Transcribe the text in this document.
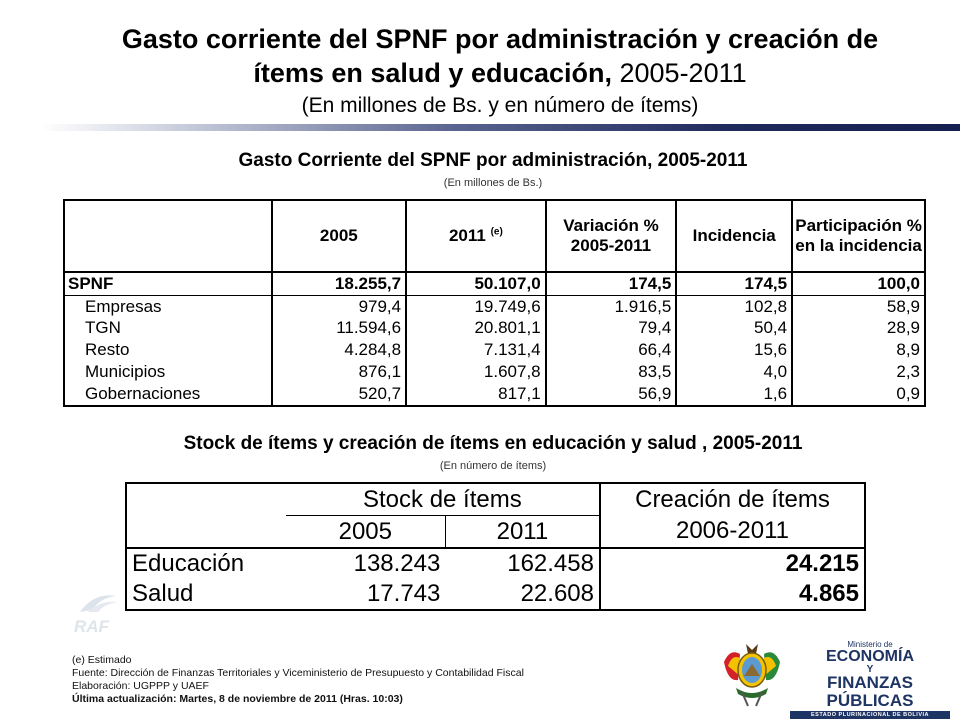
Gasto corriente del SPNF por administración y creación de
ítems en salud y educación, 2005-2011
(En millones de Bs. y en número de ítems)
Gasto Corriente del SPNF por administración, 2005-2011
(En millones de Bs.)
	2005	2011 $^{(e)}$	Variación % 2005-2011	Incidencia	Participación % en la incidencia
SPNF	18.255,7	50.107,0	174,5	174,5	100,0
Empresas	979,4	19.749,6	1.916,5	102,8	58,9
TGN	11.594,6	20.801,1	79,4	50,4	28,9
Resto	4.284,8	7.131,4	66,4	15,6	8,9
Municipios	876,1	1.607,8	83,5	4,0	2,3
Gobernaciones	520,7	817,1	56,9	1,6	0,9
Stock de ítems y creación de ítems en educación y salud , 2005-2011
(En número de ítems)
	Stock de ítems		Creación de ítems
	2005	2011	2006-2011
Educación	138.243	162.458	24.215
Salud	17.743	22.608	4.865
RAF
(e) Estimado
Fuente: Dirección de Finanzas Territoriales y Viceministerio de Presupuesto y Contabilidad Fiscal
Elaboración: UGPPP y UAEF
Última actualización: Martes, 8 de noviembre de 2011 (Hras. 10:03)
Ministerio de
ECONOMÍA
Y
FINANZAS PÚBLICAS
ESTADO PLURINACIONAL DE BOLIVIA
